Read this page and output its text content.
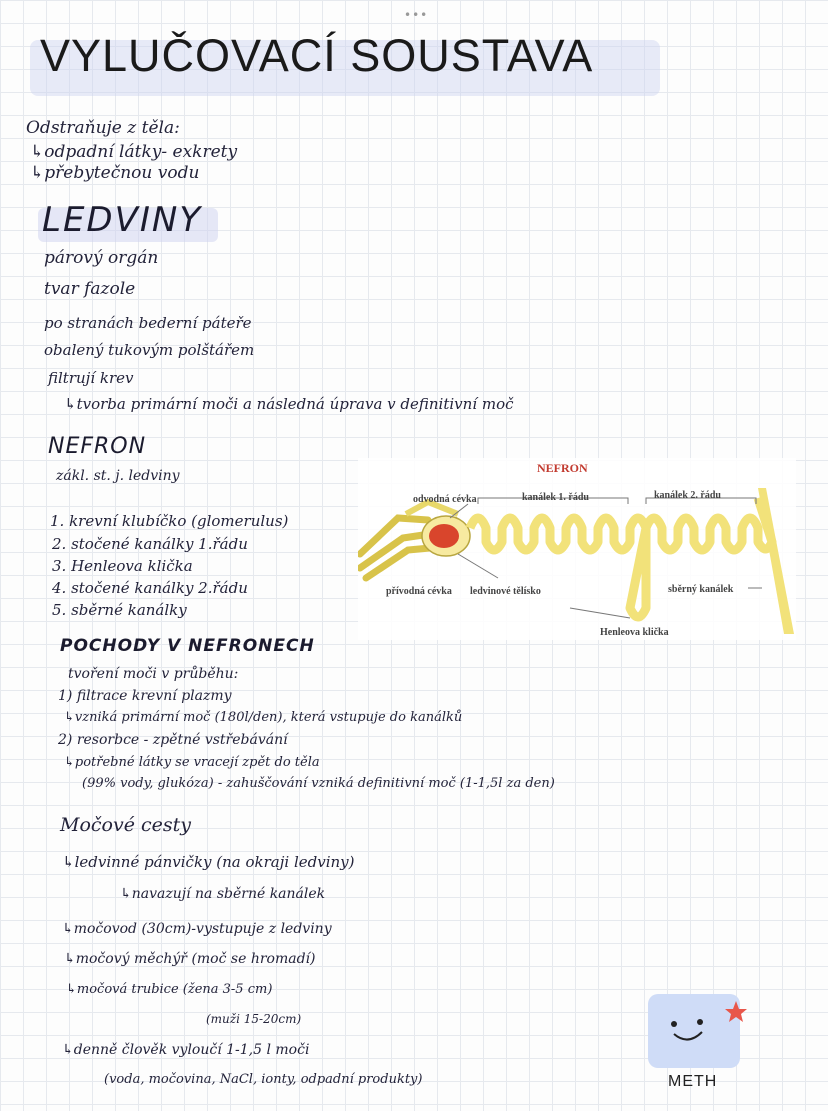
•••
VYLUČOVACÍ SOUSTAVA
Odstraňuje z těla:
↳odpadní látky- exkrety
↳přebytečnou vodu
LEDVINY
párový orgán
tvar fazole
po stranách bederní páteře
obalený tukovým polštářem
filtrují krev
↳tvorba primární moči a následná úprava v definitivní moč
NEFRON
zákl. st. j. ledviny
1. krevní klubíčko (glomerulus)
2. stočené kanálky 1.řádu
3. Henleova klička
4. stočené kanálky 2.řádu
5. sběrné kanálky
NEFRON
odvodná cévka	kanálek 1. řádu	kanálek 2. řádu
přívodná cévka ledvinové tělísko	sběrný kanálek
Henleova klička
POCHODY V NEFRONECH
tvoření moči v průběhu:
1) filtrace krevní plazmy
↳vzniká primární moč (180l/den), která vstupuje do kanálků
2) resorbce - zpětné vstřebávání
↳potřebné látky se vracejí zpět do těla
(99% vody, glukóza) - zahuščování vzniká definitivní moč (1-1,5l za den)
Močové cesty
↳ledvinné pánvičky (na okraji ledviny)
↳navazují na sběrné kanálek
↳močovod (30cm)-vystupuje z ledviny
↳močový měchýř (moč se hromadí)
↳močová trubice (žena 3-5 cm)
(muži 15-20cm)
↳denně člověk vyloučí 1-1,5 l moči
(voda, močovina, NaCl, ionty, odpadní produkty)	METH
